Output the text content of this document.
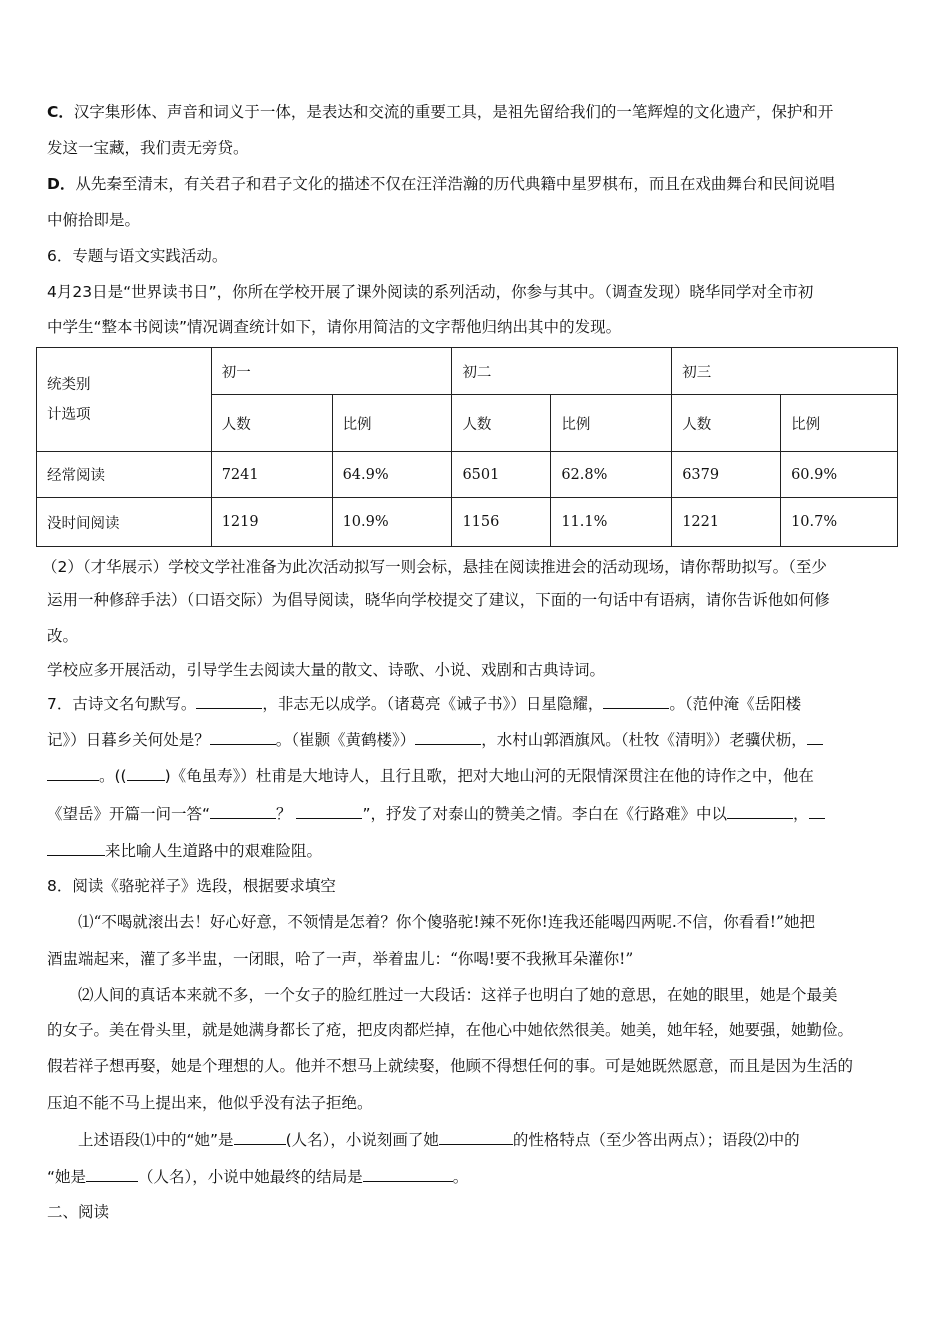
C．汉字集形体、声音和词义于一体，是表达和交流的重要工具，是祖先留给我们的一笔辉煌的文化遗产，保护和开
发这一宝藏，我们责无旁贷。
D．从先秦至清末，有关君子和君子文化的描述不仅在汪洋浩瀚的历代典籍中星罗棋布，而且在戏曲舞台和民间说唱
中俯拾即是。
6．专题与语文实践活动。
4月23日是“世界读书日”，你所在学校开展了课外阅读的系列活动，你参与其中。（调查发现）晓华同学对全市初
中学生“整本书阅读”情况调查统计如下，请你用简洁的文字帮他归纳出其中的发现。
统类别
计选项	初一		初二		初三	
	人数	比例	人数	比例	人数	比例
经常阅读	7241	64.9%	6501	62.8%	6379	60.9%
没时间阅读	1219	10.9%	1156	11.1%	1221	10.7%
（2）（才华展示）学校文学社准备为此次活动拟写一则会标，悬挂在阅读推进会的活动现场，请你帮助拟写。（至少
运用一种修辞手法）（口语交际）为倡导阅读，晓华向学校提交了建议，下面的一句话中有语病，请你告诉他如何修
改。
学校应多开展活动，引导学生去阅读大量的散文、诗歌、小说、戏剧和古典诗词。
7．古诗文名句默写。	，非志无以成学。（诸葛亮《诫子书》）日星隐耀，	。（范仲淹《岳阳楼
记》）日暮乡关何处是？	。（崔颢《黄鹤楼》）	，水村山郭酒旗风。（杜牧《清明》）老骥伏枥，
。(( )《龟虽寿》）杜甫是大地诗人，且行且歌，把对大地山河的无限情深贯注在他的诗作之中，他在
《望岳》开篇一问一答“	？	”，抒发了对泰山的赞美之情。李白在《行路难》中以	，
来比喻人生道路中的艰难险阻。
8．阅读《骆驼祥子》选段，根据要求填空
⑴“不喝就滚出去！好心好意，不领情是怎着？你个傻骆驼!辣不死你!连我还能喝四两呢.不信，你看看!”她把
酒盅端起来，灌了多半盅，一闭眼，哈了一声，举着盅儿：“你喝!要不我揪耳朵灌你!”
⑵人间的真话本来就不多，一个女子的脸红胜过一大段话：这祥子也明白了她的意思，在她的眼里，她是个最美
的女子。美在骨头里，就是她满身都长了疮，把皮肉都烂掉，在他心中她依然很美。她美，她年轻，她要强，她勤俭。
假若祥子想再娶，她是个理想的人。他并不想马上就续娶，他顾不得想任何的事。可是她既然愿意，而且是因为生活的
压迫不能不马上提出来，他似乎没有法子拒绝。
上述语段⑴中的“她”是	(人名），小说刻画了她	的性格特点（至少答出两点）；语段⑵中的
“她是	（人名），小说中她最终的结局是	。
二、阅读
